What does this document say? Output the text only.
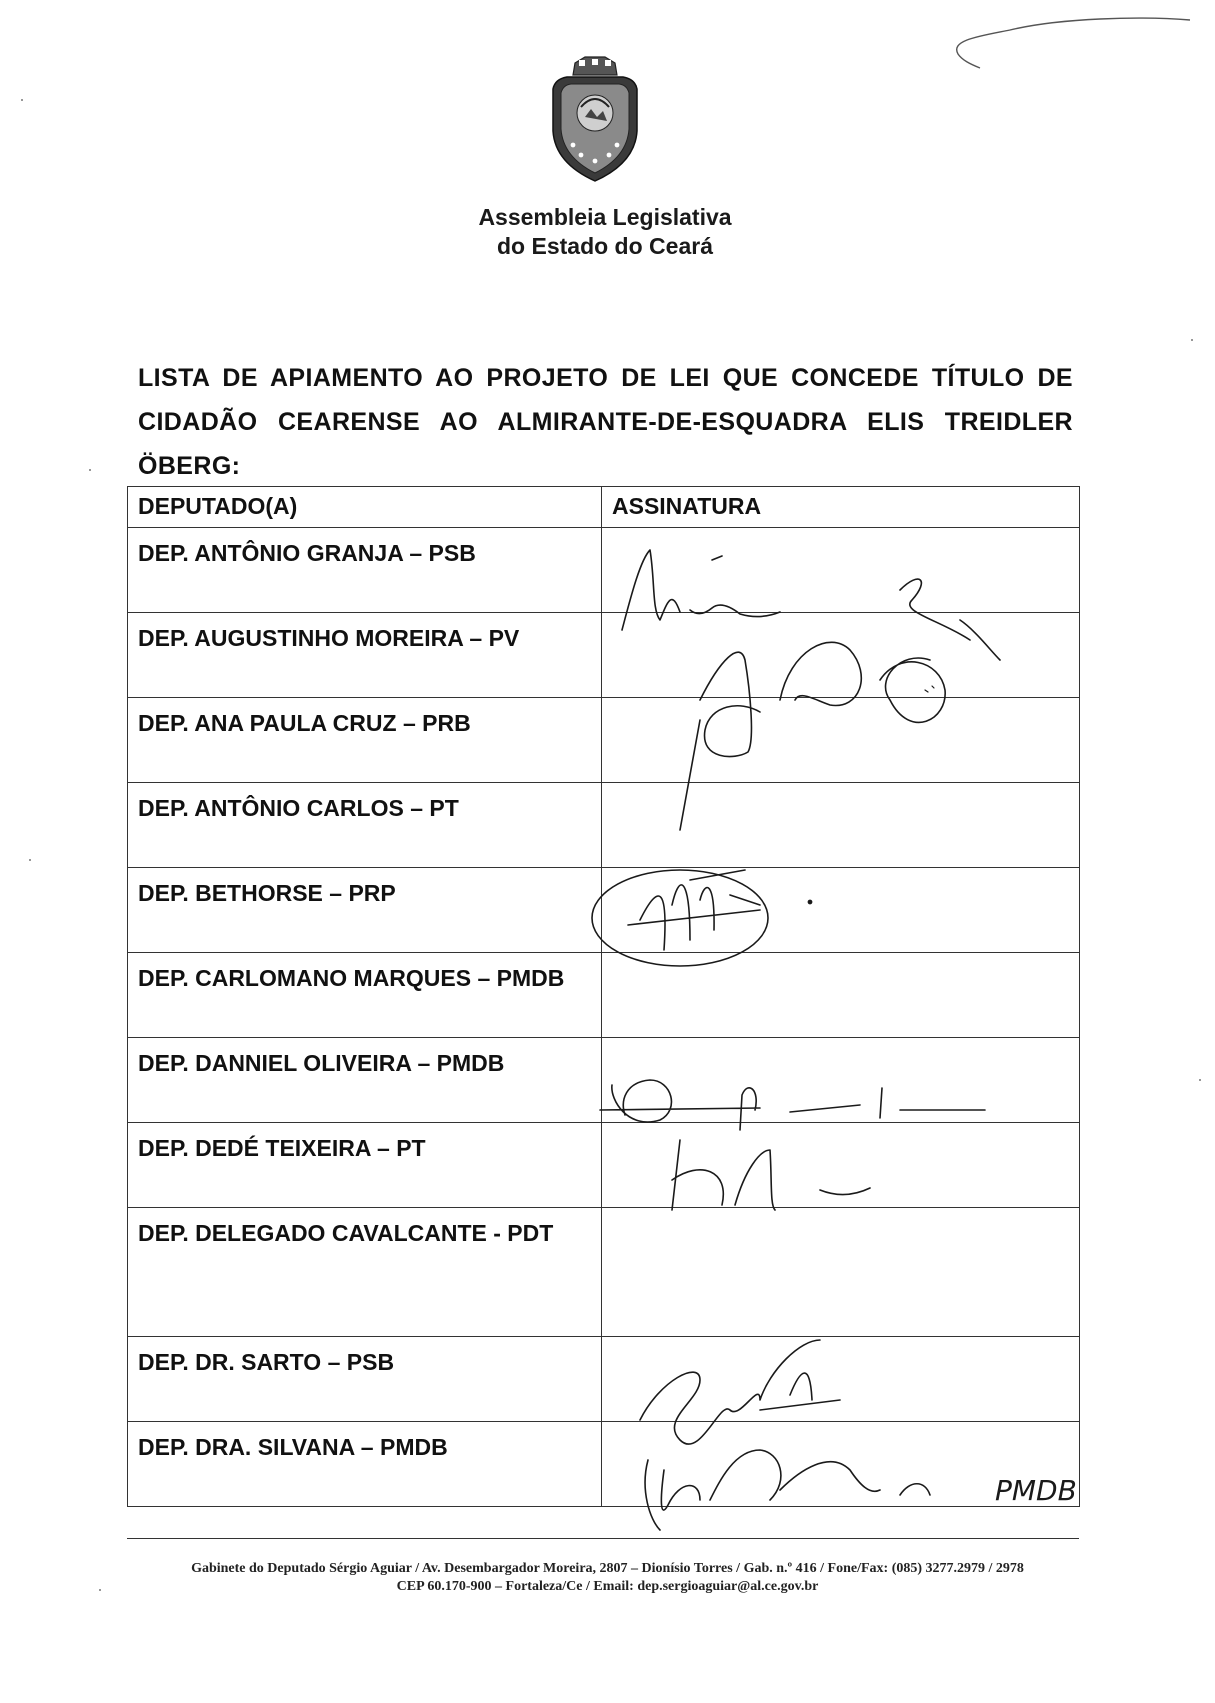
Assembleia Legislativa
do Estado do Ceará
LISTA DE APIAMENTO AO PROJETO DE LEI QUE CONCEDE TÍTULO DE
CIDADÃO CEARENSE AO ALMIRANTE-DE-ESQUADRA ELIS TREIDLER
ÖBERG:
DEPUTADO(A)	ASSINATURA
DEP. ANTÔNIO GRANJA – PSB	
DEP. AUGUSTINHO MOREIRA – PV	
DEP. ANA PAULA CRUZ – PRB	
DEP. ANTÔNIO CARLOS – PT	
DEP. BETHORSE – PRP	
DEP. CARLOMANO MARQUES – PMDB	
DEP. DANNIEL OLIVEIRA – PMDB	
DEP. DEDÉ TEIXEIRA – PT	
DEP. DELEGADO CAVALCANTE - PDT	
DEP. DR. SARTO – PSB	
DEP. DRA. SILVANA – PMDB	
PMDB
Gabinete do Deputado Sérgio Aguiar / Av. Desembargador Moreira, 2807 – Dionísio Torres / Gab. n.º 416 / Fone/Fax: (085) 3277.2979 / 2978
CEP 60.170-900 – Fortaleza/Ce / Email: dep.sergioaguiar@al.ce.gov.br
